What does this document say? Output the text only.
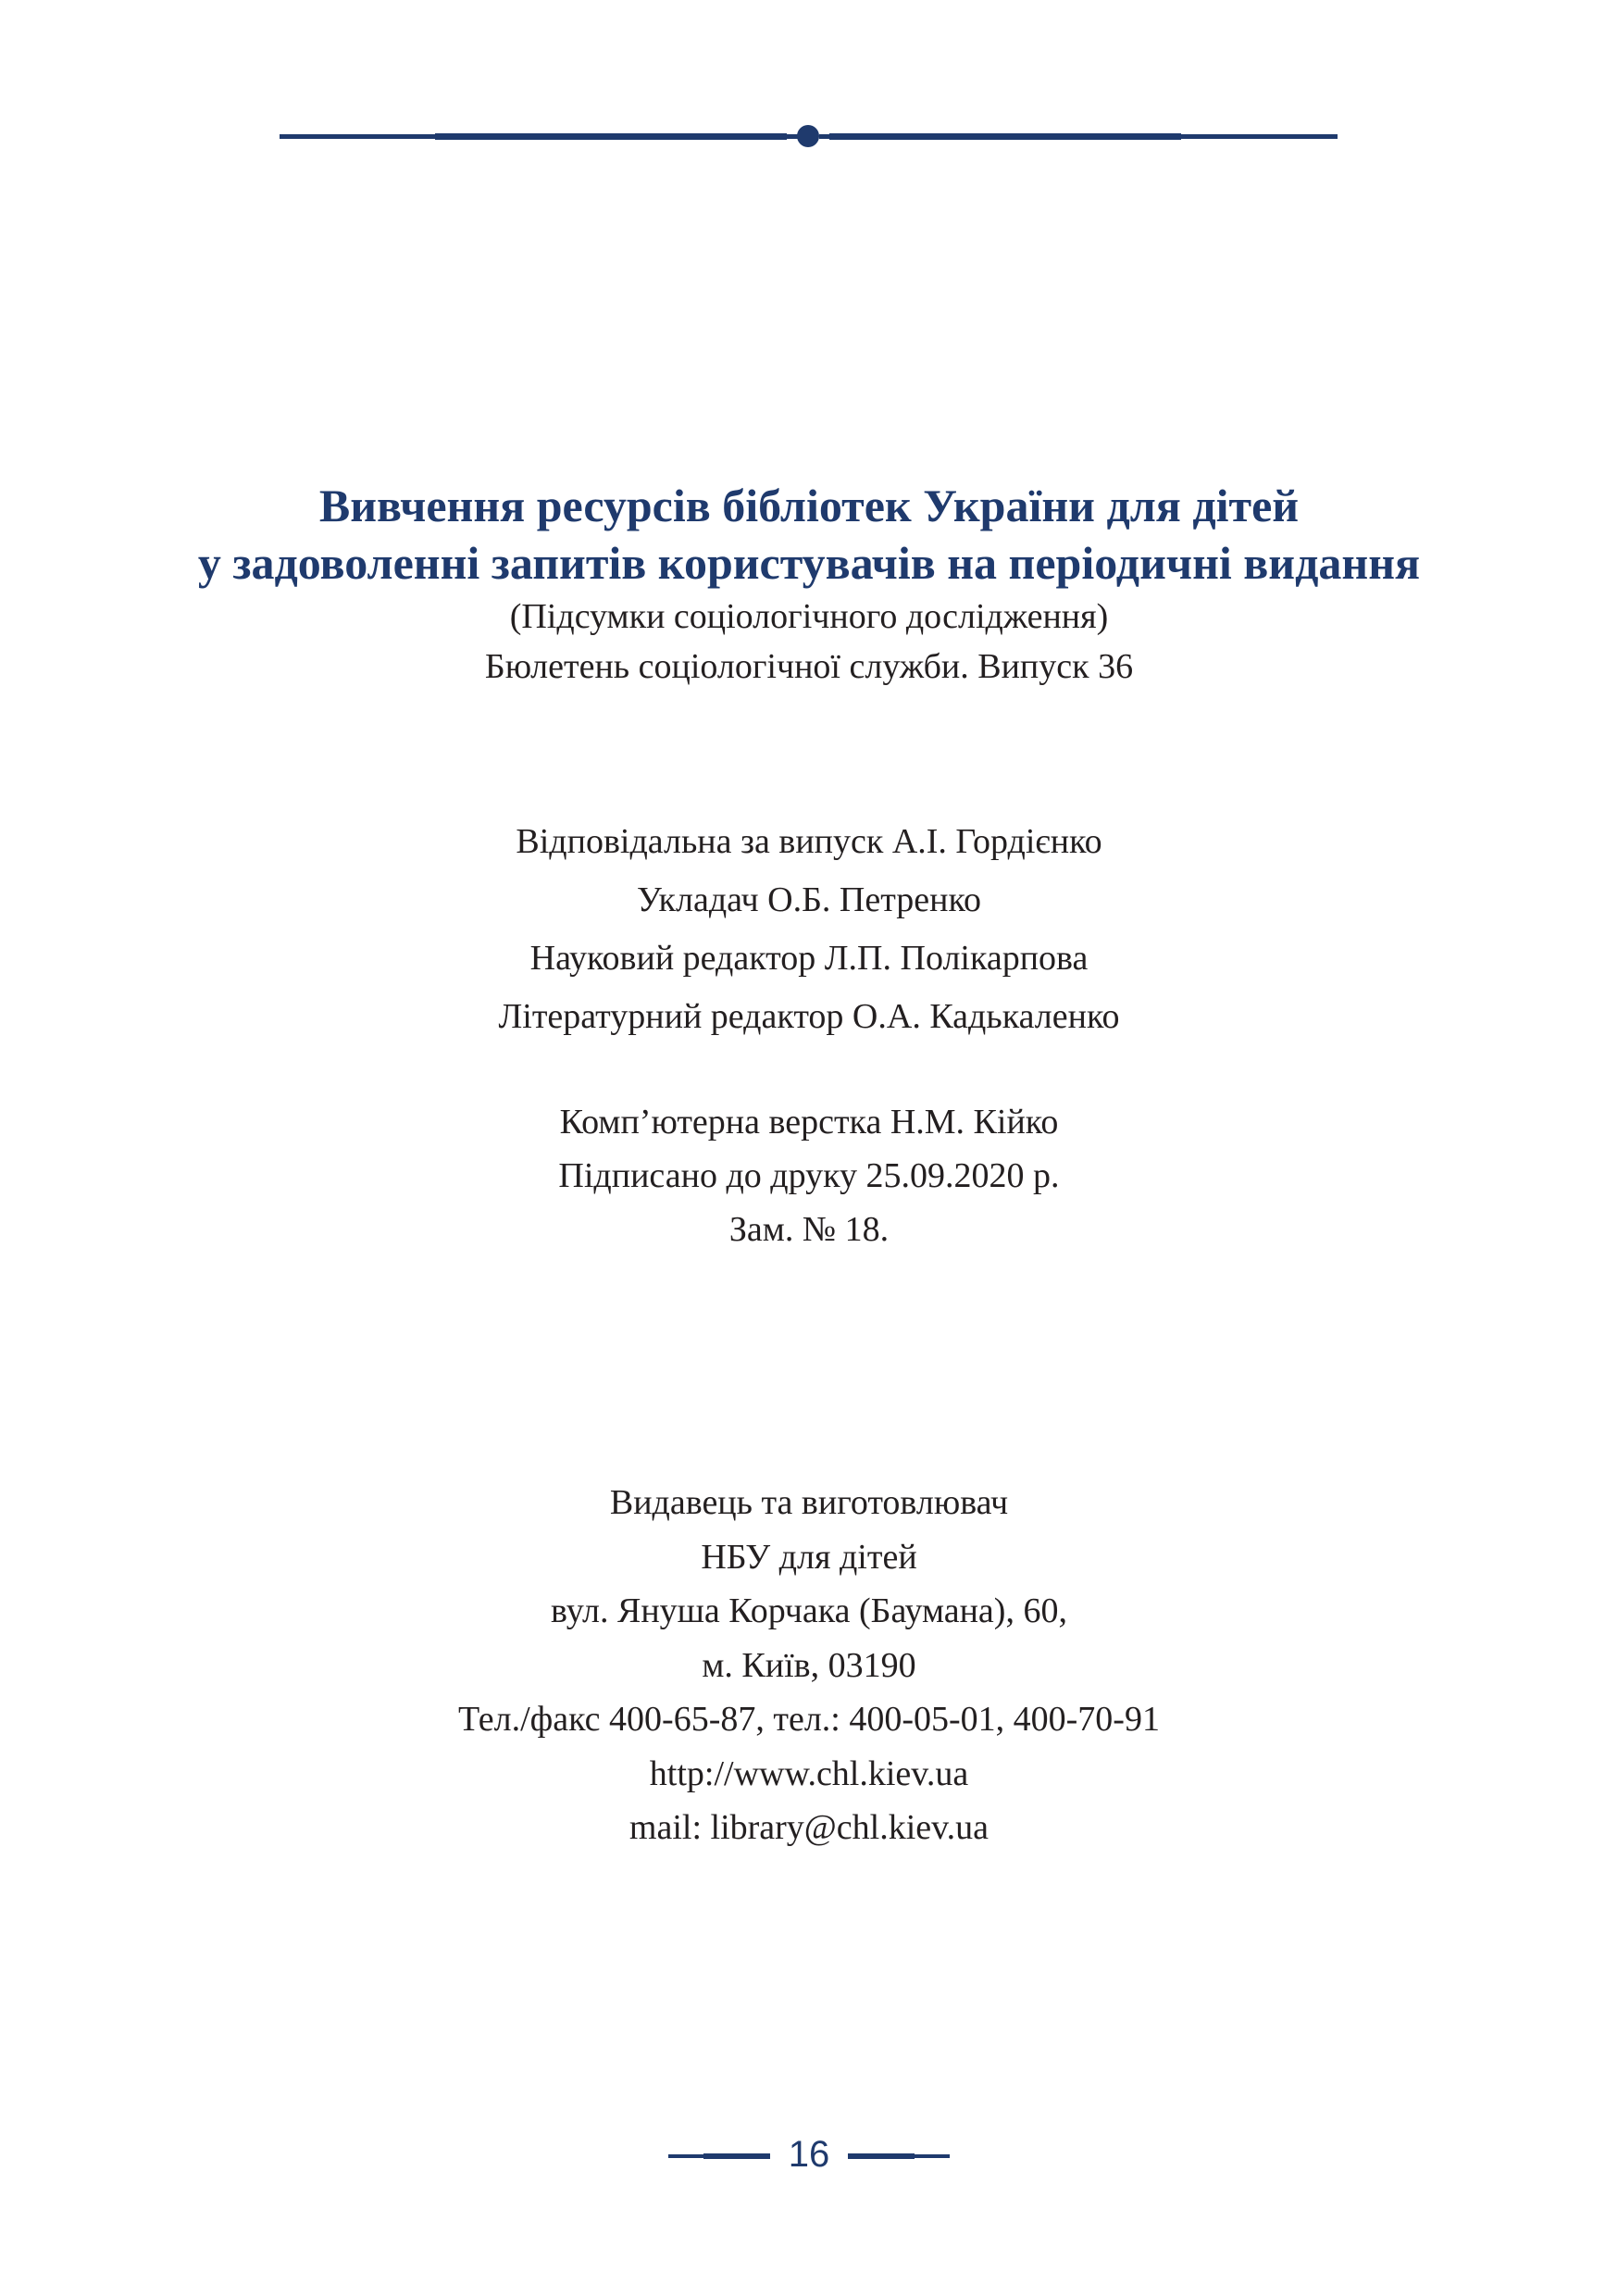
Вивчення ресурсів бібліотек України для дітей

у задоволенні запитів користувачів на періодичні видання

(Підсумки соціологічного дослідження)

Бюлетень соціологічної служби. Випуск 36

Відповідальна за випуск А.І. Гордієнко
Укладач О.Б. Петренко
Науковий редактор Л.П. Полікарпова
Літературний редактор О.А. Кадькаленко
Комп’ютерна верстка Н.М. Кійко
Підписано до друку 25.09.2020 р.
Зам. № 18.
Видавець та виготовлювач
НБУ для дітей
вул. Януша Корчака (Баумана), 60,
м. Київ, 03190
Тел./факс 400-65-87, тел.: 400-05-01, 400-70-91
http://www.chl.kiev.ua
mail: library@chl.kiev.ua
16
